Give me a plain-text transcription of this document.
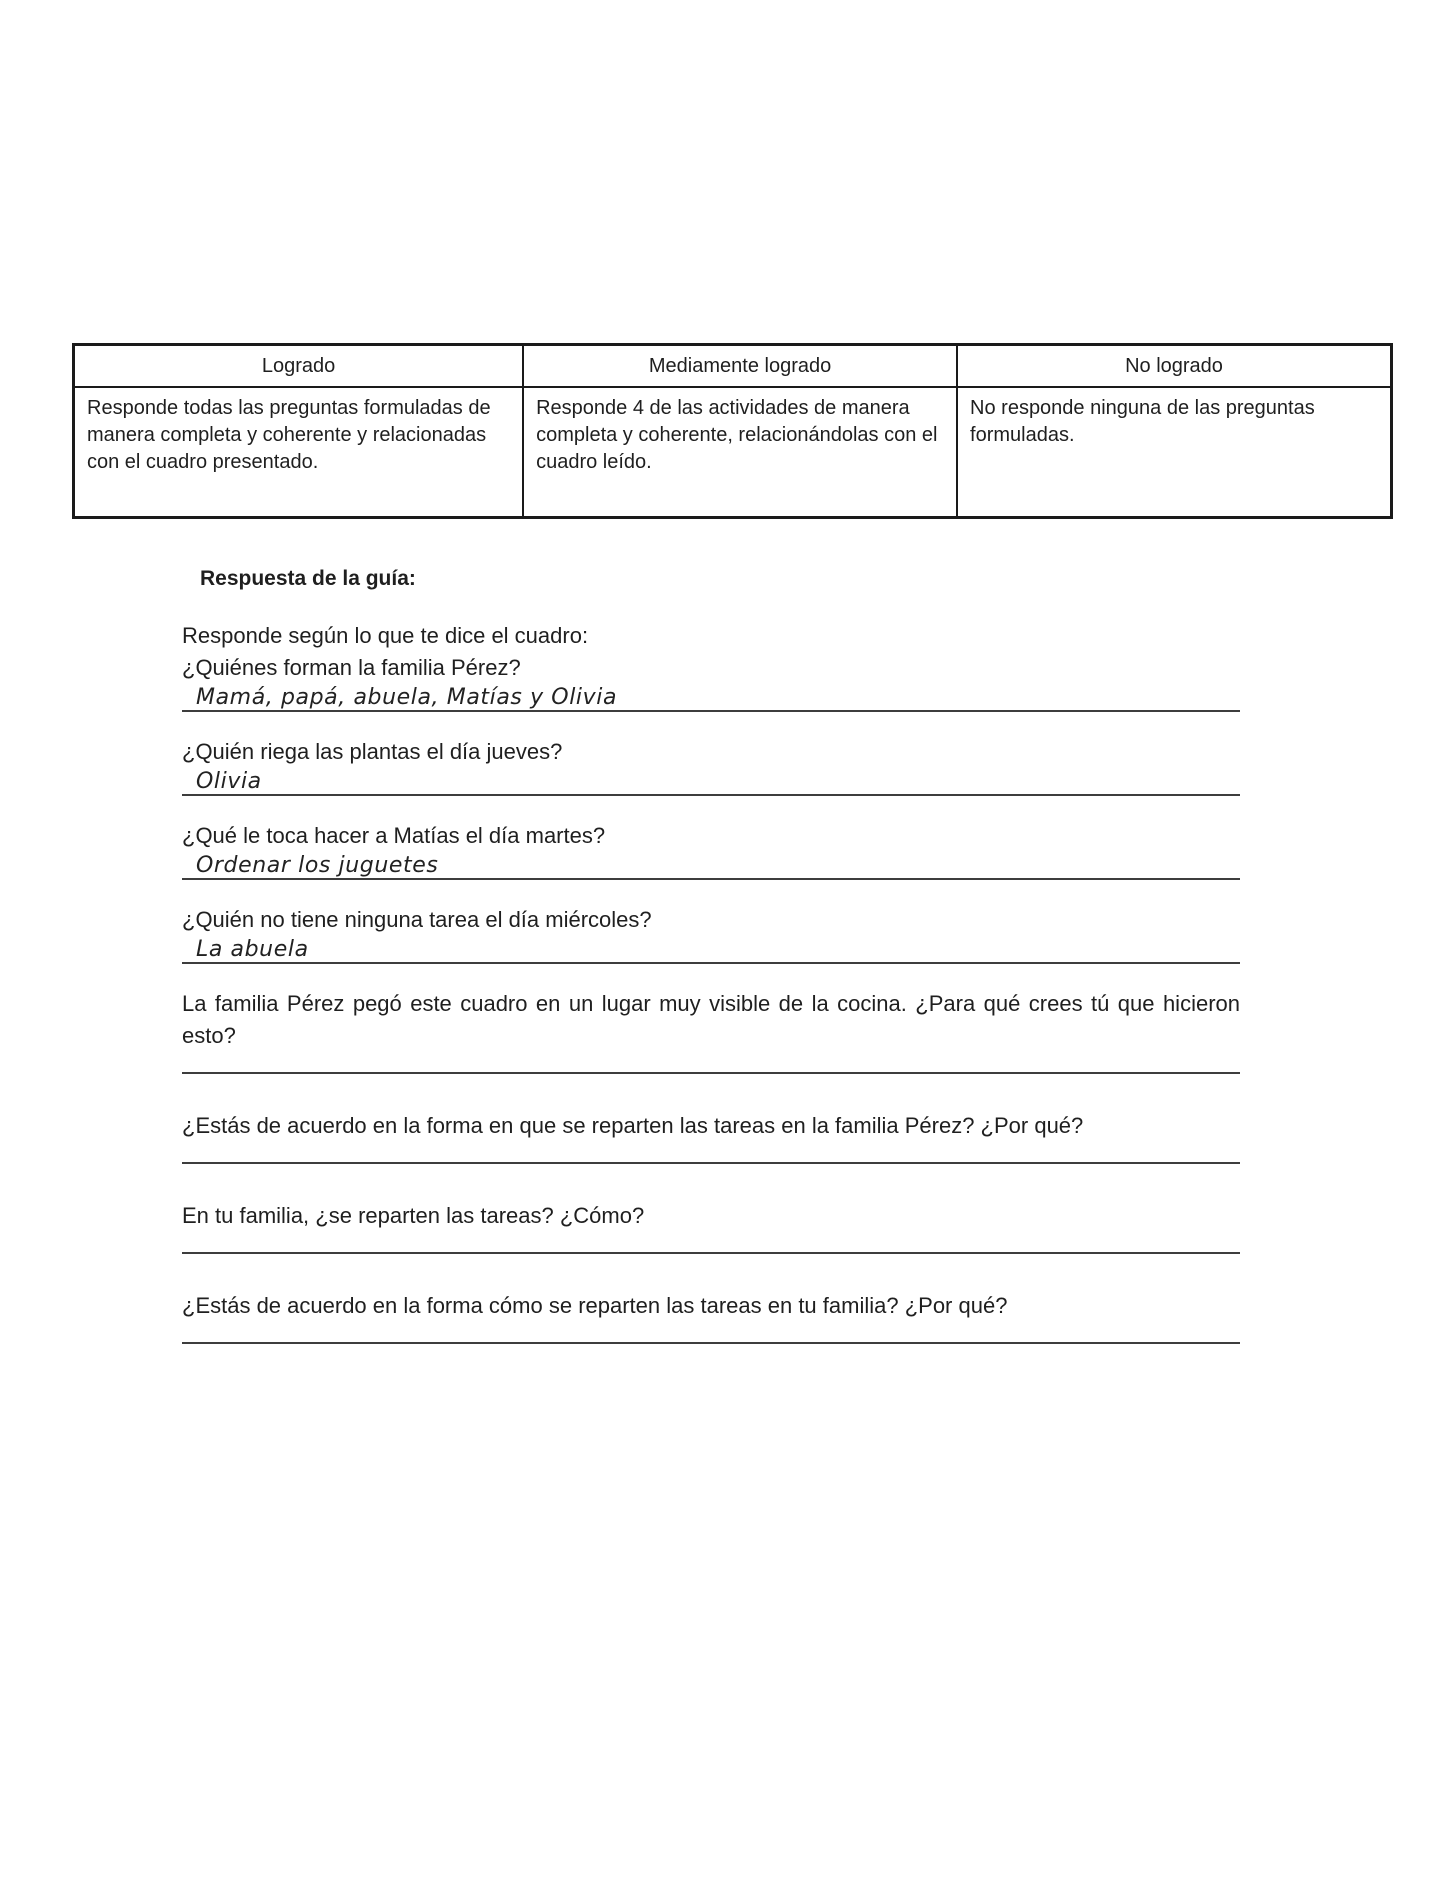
Logrado
Responde todas las preguntas formuladas de manera completa y coherente y relacionadas con el cuadro presentado.
Mediamente logrado
Responde 4 de las actividades de manera completa y coherente, relacionándolas con el cuadro leído.
No logrado
No responde ninguna de las preguntas formuladas.
Respuesta de la guía:
Responde según lo que te dice el cuadro:
¿Quiénes forman la familia Pérez?
Mamá, papá, abuela, Matías y Olivia
¿Quién riega las plantas el día jueves?
Olivia
¿Qué le toca hacer a Matías el día martes?
Ordenar los juguetes
¿Quién no tiene ninguna tarea el día miércoles?
La abuela
La familia Pérez pegó este cuadro en un lugar muy visible de la cocina. ¿Para qué crees tú que hicieron esto?
¿Estás de acuerdo en la forma en que se reparten las tareas en la familia Pérez? ¿Por qué?
En tu familia, ¿se reparten las tareas? ¿Cómo?
¿Estás de acuerdo en la forma cómo se reparten las tareas en tu familia? ¿Por qué?
